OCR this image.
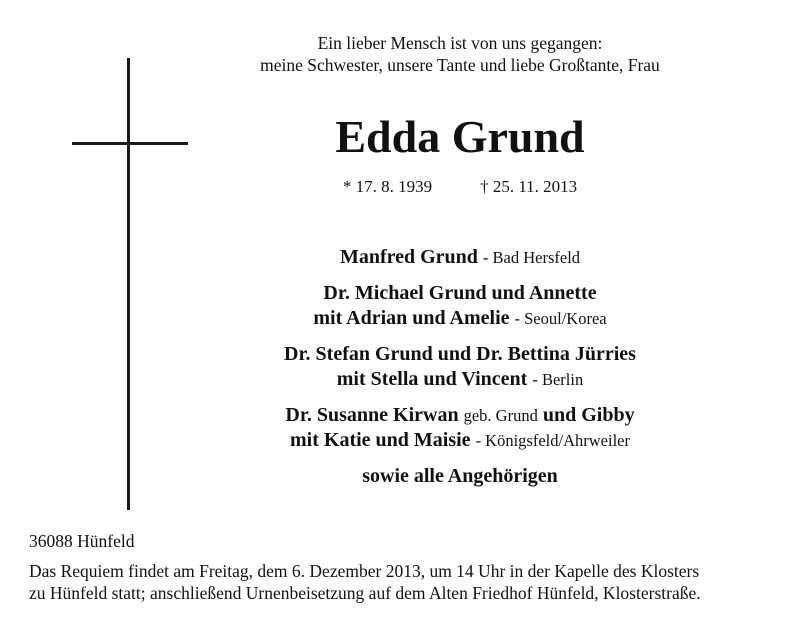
Ein lieber Mensch ist von uns gegangen:
meine Schwester, unsere Tante und liebe Großtante, Frau
Edda Grund
* 17. 8. 1939	† 25. 11. 2013
Manfred Grund - Bad Hersfeld
Dr. Michael Grund und Annette
mit Adrian und Amelie - Seoul/Korea
Dr. Stefan Grund und Dr. Bettina Jürries
mit Stella und Vincent - Berlin
Dr. Susanne Kirwan geb. Grund und Gibby
mit Katie und Maisie - Königsfeld/Ahrweiler
sowie alle Angehörigen

36088 Hünfeld

Das Requiem findet am Freitag, dem 6. Dezember 2013, um 14 Uhr in der Kapelle des Klosters

zu Hünfeld statt; anschließend Urnenbeisetzung auf dem Alten Friedhof Hünfeld, Klosterstraße.
